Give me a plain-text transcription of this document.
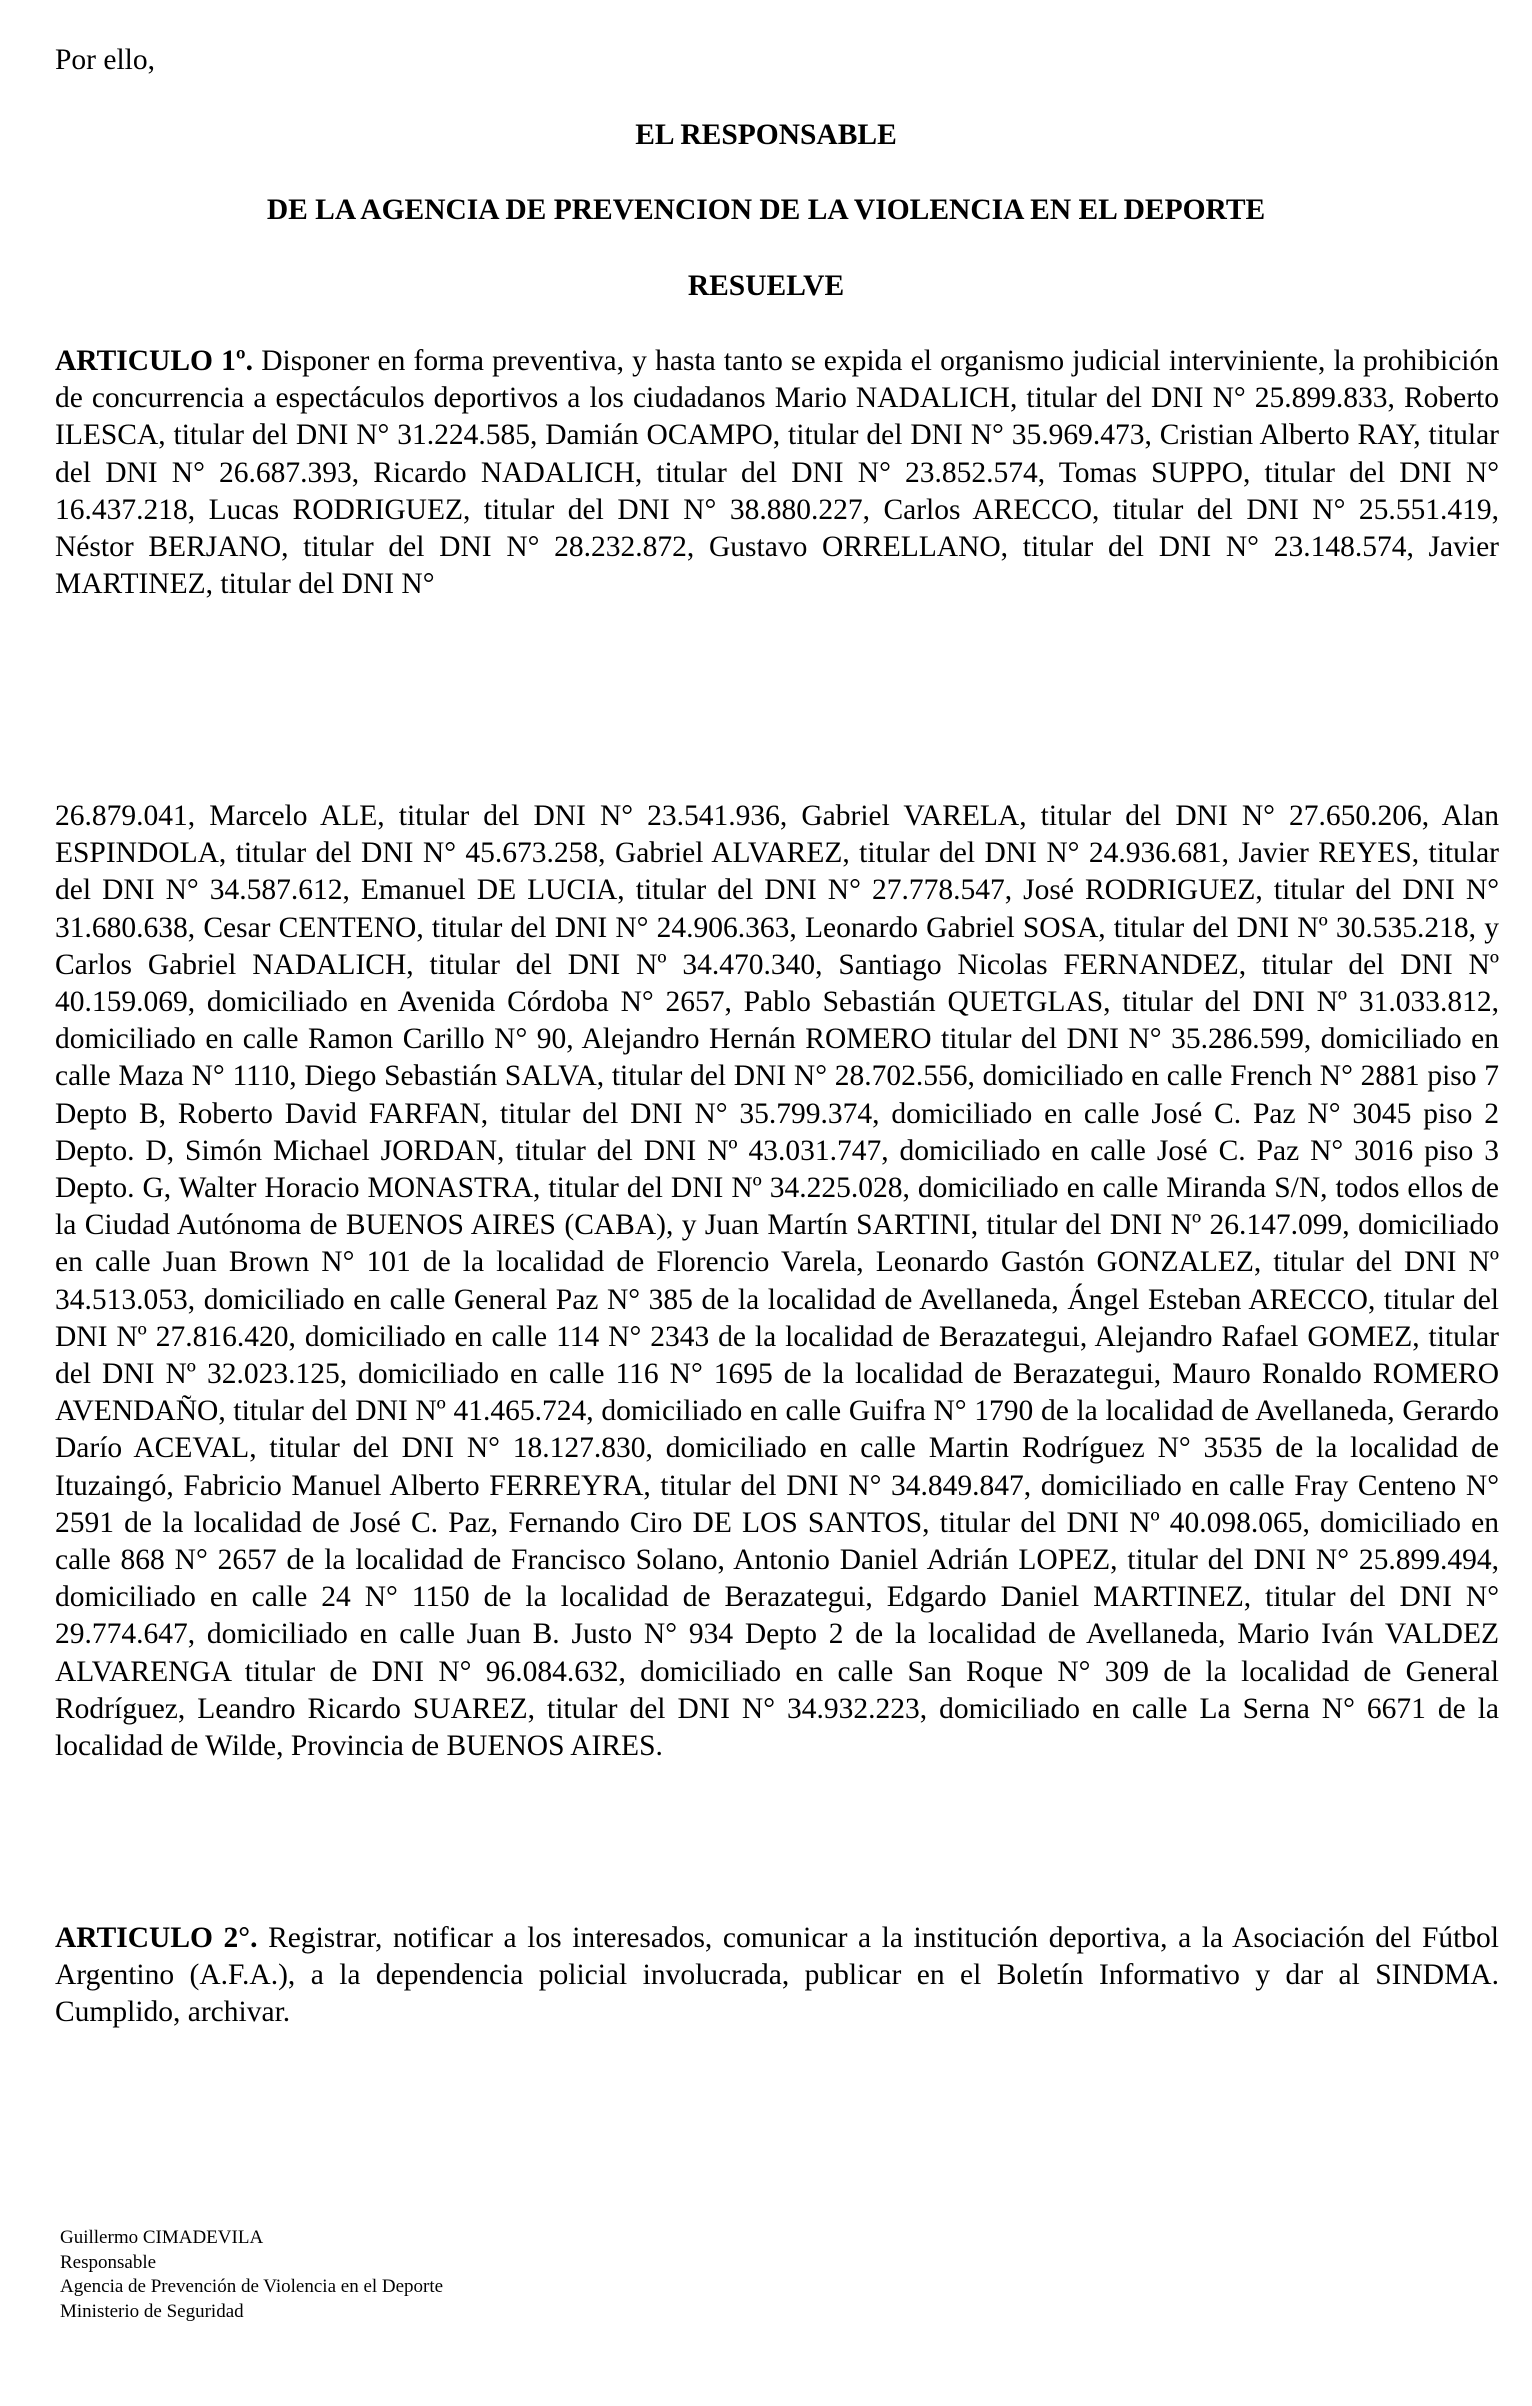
Por ello,
EL RESPONSABLE
DE LA AGENCIA DE PREVENCION DE LA VIOLENCIA EN EL DEPORTE
RESUELVE
ARTICULO 1º. Disponer en forma preventiva, y hasta tanto se expida el organismo judicial interviniente, la prohibición de concurrencia a espectáculos deportivos a los ciudadanos Mario NADALICH, titular del DNI N° 25.899.833, Roberto ILESCA, titular del DNI N° 31.224.585, Damián OCAMPO, titular del DNI N° 35.969.473, Cristian Alberto RAY, titular del DNI N° 26.687.393, Ricardo NADALICH, titular del DNI N° 23.852.574, Tomas SUPPO, titular del DNI N° 16.437.218, Lucas RODRIGUEZ, titular del DNI N° 38.880.227, Carlos ARECCO, titular del DNI N° 25.551.419, Néstor BERJANO, titular del DNI N° 28.232.872, Gustavo ORRELLANO, titular del DNI N° 23.148.574, Javier MARTINEZ, titular del DNI N°
26.879.041, Marcelo ALE, titular del DNI N° 23.541.936, Gabriel VARELA, titular del DNI N° 27.650.206, Alan ESPINDOLA, titular del DNI N° 45.673.258, Gabriel ALVAREZ, titular del DNI N° 24.936.681, Javier REYES, titular del DNI N° 34.587.612, Emanuel DE LUCIA, titular del DNI N° 27.778.547, José RODRIGUEZ, titular del DNI N° 31.680.638, Cesar CENTENO, titular del DNI N° 24.906.363, Leonardo Gabriel SOSA, titular del DNI Nº 30.535.218, y Carlos Gabriel NADALICH, titular del DNI Nº 34.470.340, Santiago Nicolas FERNANDEZ, titular del DNI Nº 40.159.069, domiciliado en Avenida Córdoba N° 2657, Pablo Sebastián QUETGLAS, titular del DNI Nº 31.033.812, domiciliado en calle Ramon Carillo N° 90, Alejandro Hernán ROMERO titular del DNI N° 35.286.599, domiciliado en calle Maza N° 1110, Diego Sebastián SALVA, titular del DNI N° 28.702.556, domiciliado en calle French N° 2881 piso 7 Depto B, Roberto David FARFAN, titular del DNI N° 35.799.374, domiciliado en calle José C. Paz N° 3045 piso 2 Depto. D, Simón Michael JORDAN, titular del DNI Nº 43.031.747, domiciliado en calle José C. Paz N° 3016 piso 3 Depto. G, Walter Horacio MONASTRA, titular del DNI Nº 34.225.028, domiciliado en calle Miranda S/N, todos ellos de la Ciudad Autónoma de BUENOS AIRES (CABA), y Juan Martín SARTINI, titular del DNI Nº 26.147.099, domiciliado en calle Juan Brown N° 101 de la localidad de Florencio Varela, Leonardo Gastón GONZALEZ, titular del DNI Nº 34.513.053, domiciliado en calle General Paz N° 385 de la localidad de Avellaneda, Ángel Esteban ARECCO, titular del DNI Nº 27.816.420, domiciliado en calle 114 N° 2343 de la localidad de Berazategui, Alejandro Rafael GOMEZ, titular del DNI Nº 32.023.125, domiciliado en calle 116 N° 1695 de la localidad de Berazategui, Mauro Ronaldo ROMERO AVENDAÑO, titular del DNI Nº 41.465.724, domiciliado en calle Guifra N° 1790 de la localidad de Avellaneda, Gerardo Darío ACEVAL, titular del DNI N° 18.127.830, domiciliado en calle Martin Rodríguez N° 3535 de la localidad de Ituzaingó, Fabricio Manuel Alberto FERREYRA, titular del DNI N° 34.849.847, domiciliado en calle Fray Centeno N° 2591 de la localidad de José C. Paz, Fernando Ciro DE LOS SANTOS, titular del DNI Nº 40.098.065, domiciliado en calle 868 N° 2657 de la localidad de Francisco Solano, Antonio Daniel Adrián LOPEZ, titular del DNI N° 25.899.494, domiciliado en calle 24 N° 1150 de la localidad de Berazategui, Edgardo Daniel MARTINEZ, titular del DNI N° 29.774.647, domiciliado en calle Juan B. Justo N° 934 Depto 2 de la localidad de Avellaneda, Mario Iván VALDEZ ALVARENGA titular de DNI N° 96.084.632, domiciliado en calle San Roque N° 309 de la localidad de General Rodríguez, Leandro Ricardo SUAREZ, titular del DNI N° 34.932.223, domiciliado en calle La Serna N° 6671 de la localidad de Wilde, Provincia de BUENOS AIRES.
ARTICULO 2°. Registrar, notificar a los interesados, comunicar a la institución deportiva, a la Asociación del Fútbol Argentino (A.F.A.), a la dependencia policial involucrada, publicar en el Boletín Informativo y dar al SINDMA. Cumplido, archivar.
Guillermo CIMADEVILA
Responsable
Agencia de Prevención de Violencia en el Deporte
Ministerio de Seguridad
